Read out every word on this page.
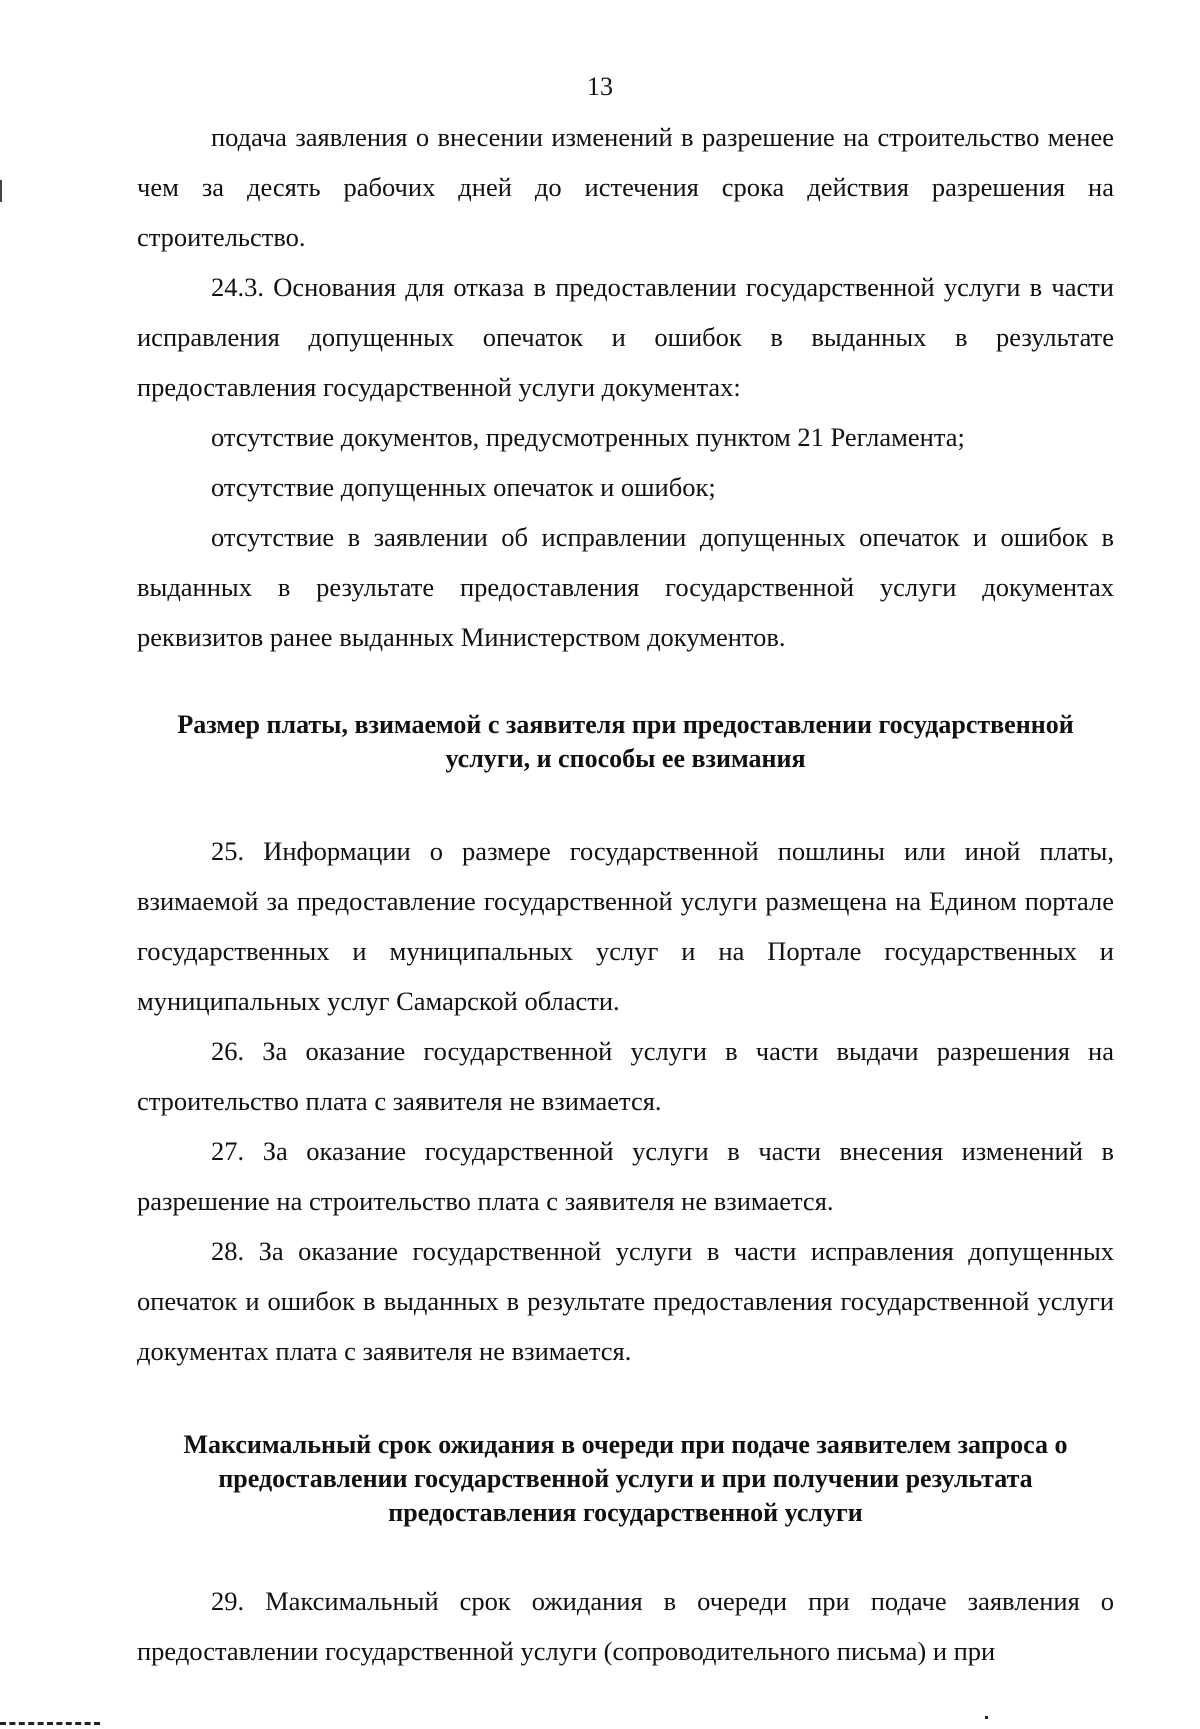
13

подача заявления о внесении изменений в разрешение на строительство менее чем за десять рабочих дней до истечения срока действия разрешения на строительство.

24.3. Основания для отказа в предоставлении государственной услуги в части исправления допущенных опечаток и ошибок в выданных в результате предоставления государственной услуги документах:

отсутствие документов, предусмотренных пунктом 21 Регламента;

отсутствие допущенных опечаток и ошибок;

отсутствие в заявлении об исправлении допущенных опечаток и ошибок в выданных в результате предоставления государственной услуги документах реквизитов ранее выданных Министерством документов.

Размер платы, взимаемой с заявителя при предоставлении государственной услуги, и способы ее взимания

25. Информации о размере государственной пошлины или иной платы, взимаемой за предоставление государственной услуги размещена на Едином портале государственных и муниципальных услуг и на Портале государственных и муниципальных услуг Самарской области.

26. За оказание государственной услуги в части выдачи разрешения на строительство плата с заявителя не взимается.

27. За оказание государственной услуги в части внесения изменений в разрешение на строительство плата с заявителя не взимается.

28. За оказание государственной услуги в части исправления допущенных опечаток и ошибок в выданных в результате предоставления государственной услуги документах плата с заявителя не взимается.

Максимальный срок ожидания в очереди при подаче заявителем запроса о предоставлении государственной услуги и при получении результата предоставления государственной услуги

29. Максимальный срок ожидания в очереди при подаче заявления о предоставлении государственной услуги (сопроводительного письма) и при
